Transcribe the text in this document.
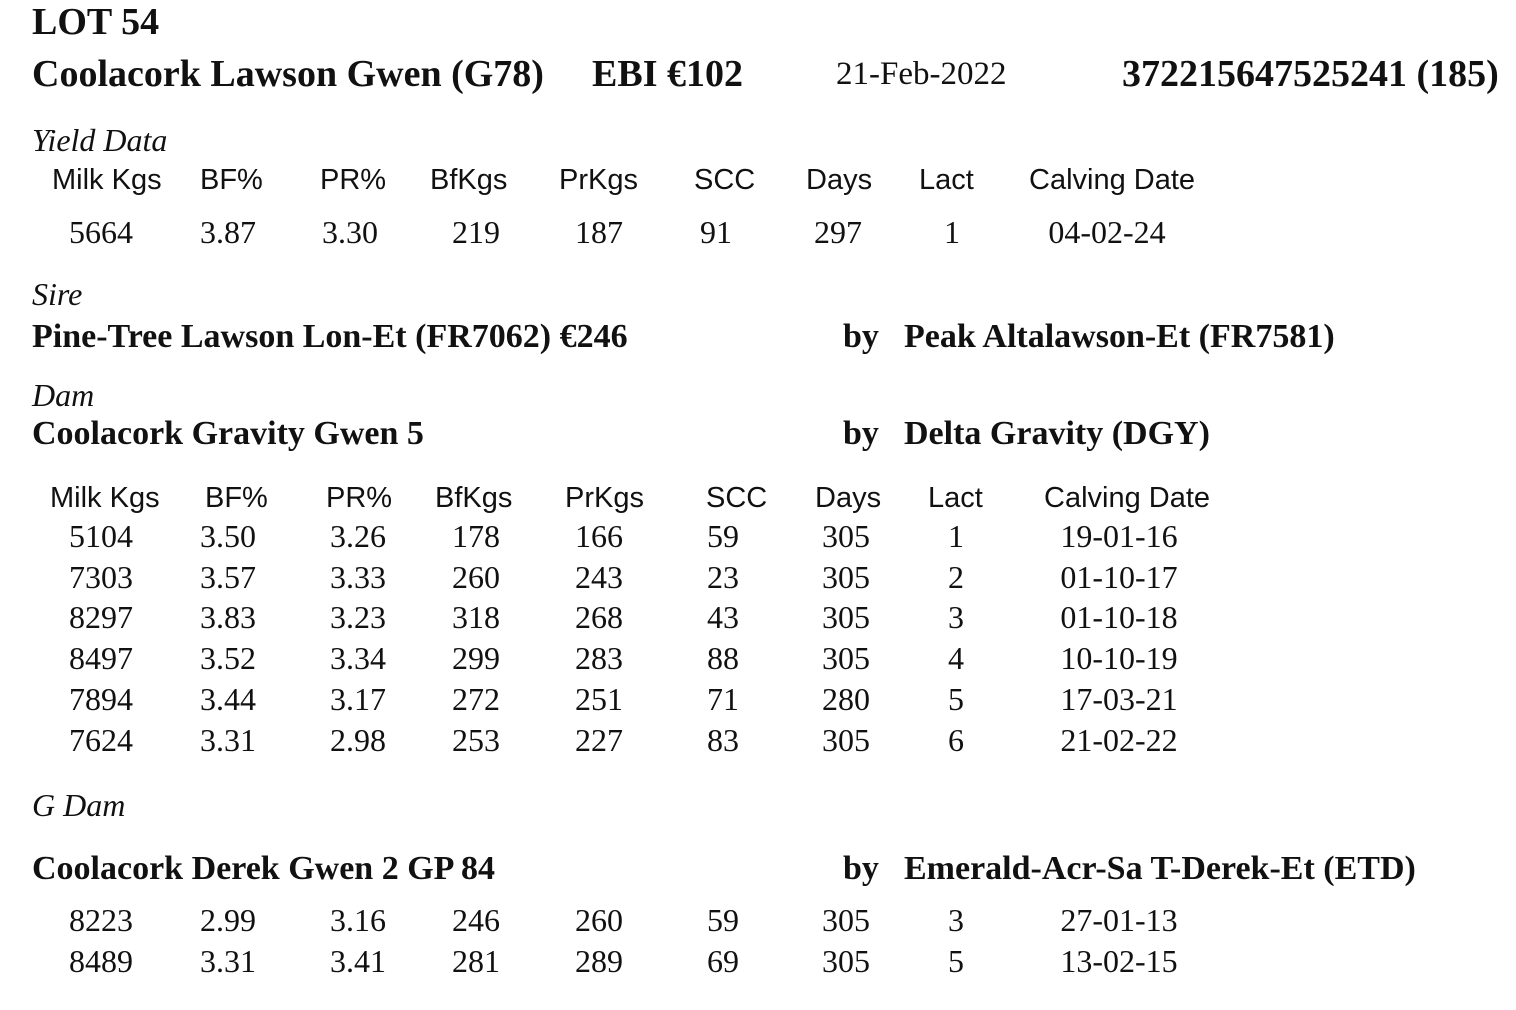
LOT 54
Coolacork Lawson Gwen (G78) EBI €102	21-Feb-2022	372215647525241 (185)
Yield Data
Milk Kgs BF% PR% BfKgs PrKgs SCC Days Lact Calving Date
5664 3.87 3.30 219 187 91	297	1	04-02-24
Sire
Pine-Tree Lawson Lon-Et (FR7062) €246	by Peak Altalawson-Et (FR7581)
Dam
Coolacork Gravity Gwen 5	by Delta Gravity (DGY)
Milk Kgs BF% PR% BfKgs PrKgs SCC Days Lact Calving Date
5104 3.50 3.26 178 166	59	305 1	19-01-16
7303 3.57 3.33 260 243	23	305 2	01-10-17
8297 3.83 3.23 318 268	43	305 3	01-10-18
8497 3.52 3.34 299 283	88	305 4	10-10-19
7894 3.44 3.17 272 251	71	280 5	17-03-21
7624 3.31 2.98 253 227	83	305 6	21-02-22
G Dam
Coolacork Derek Gwen 2 GP 84	by Emerald-Acr-Sa T-Derek-Et (ETD)
8223 2.99 3.16 246 260	59	305 3	27-01-13
8489 3.31 3.41 281 289	69	305 5	13-02-15
